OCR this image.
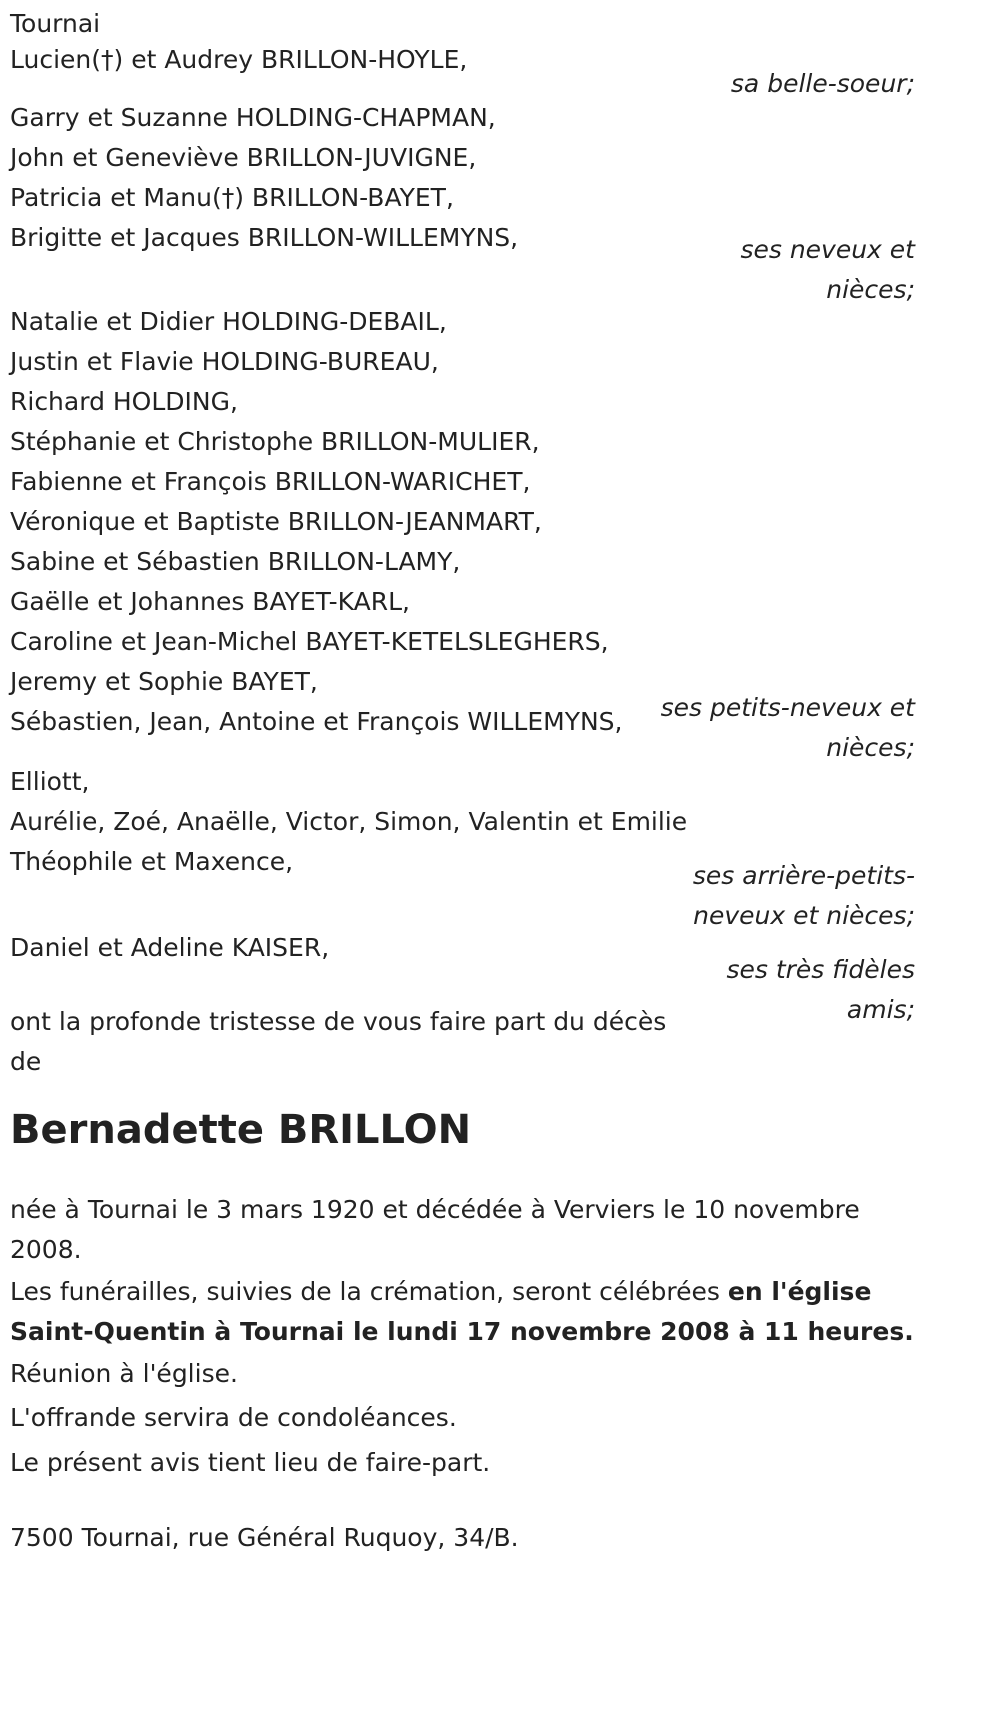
Tournai
Lucien(†) et Audrey BRILLON-HOYLE,
sa belle-soeur;
Garry et Suzanne HOLDING-CHAPMAN,
John et Geneviève BRILLON-JUVIGNE,
Patricia et Manu(†) BRILLON-BAYET,
Brigitte et Jacques BRILLON-WILLEMYNS,	ses neveux et
nièces;
Natalie et Didier HOLDING-DEBAIL,
Justin et Flavie HOLDING-BUREAU,
Richard HOLDING,
Stéphanie et Christophe BRILLON-MULIER,
Fabienne et François BRILLON-WARICHET,
Véronique et Baptiste BRILLON-JEANMART,
Sabine et Sébastien BRILLON-LAMY,
Gaëlle et Johannes BAYET-KARL,
Caroline et Jean-Michel BAYET-KETELSLEGHERS,
Jeremy et Sophie BAYET,
Sébastien, Jean, Antoine et François WILLEMYNS,	ses petits-neveux et
nièces;
Elliott,
Aurélie, Zoé, Anaëlle, Victor, Simon, Valentin et Emilie
Théophile et Maxence,	ses arrière-petits-
neveux et nièces;
Daniel et Adeline KAISER,
ses très fidèles
amis;
ont la profonde tristesse de vous faire part du décès
de
Bernadette BRILLON
née à Tournai le 3 mars 1920 et décédée à Verviers le 10 novembre
2008.
Les funérailles, suivies de la crémation, seront célébrées en l'église
Saint-Quentin à Tournai le lundi 17 novembre 2008 à 11 heures.
Réunion à l'église.
L'offrande servira de condoléances.
Le présent avis tient lieu de faire-part.
7500 Tournai, rue Général Ruquoy, 34/B.
